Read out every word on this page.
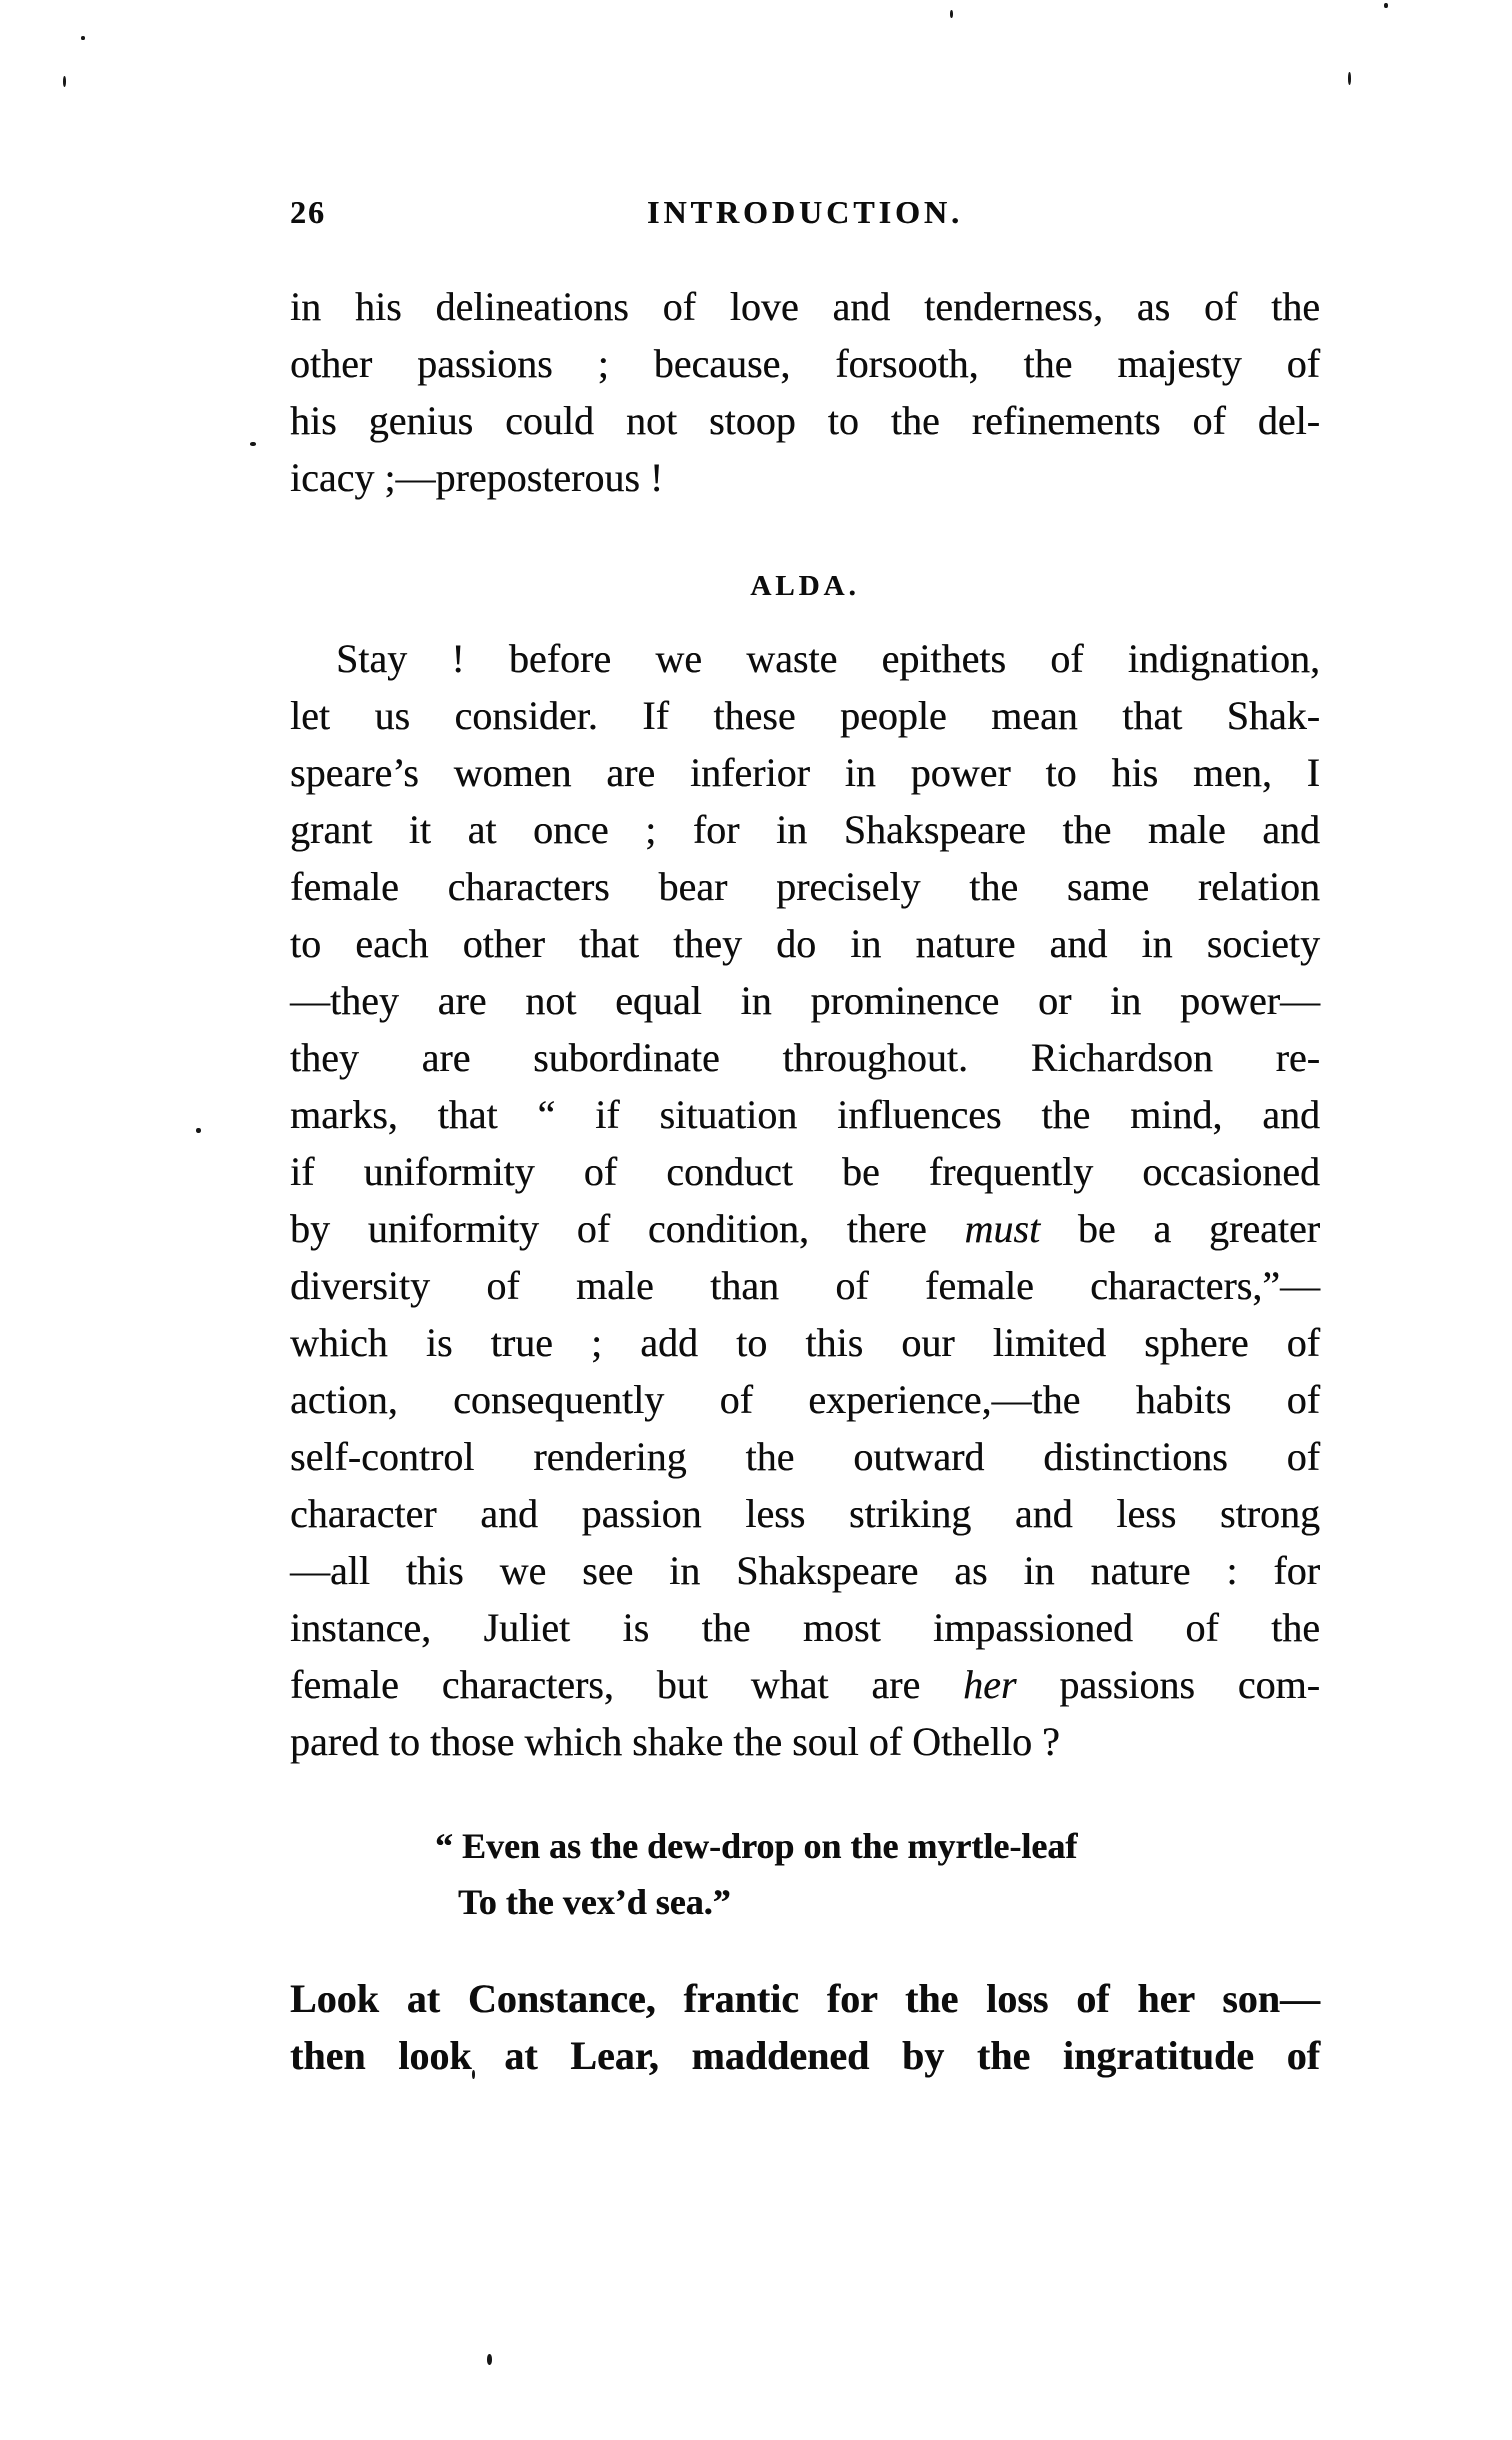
26	INTRODUCTION.
in his delineations of love and tenderness, as of the
other passions ; because, forsooth, the majesty of
his genius could not stoop to the refinements of del-
icacy ;—preposterous !
ALDA.
Stay ! before we waste epithets of indignation,
let us consider. If these people mean that Shak-
speare’s women are inferior in power to his men, I
grant it at once ; for in Shakspeare the male and
female characters bear precisely the same relation
to each other that they do in nature and in society
—they are not equal in prominence or in power—
they are subordinate throughout. Richardson re-
marks, that “ if situation influences the mind, and
if uniformity of conduct be frequently occasioned
by uniformity of condition, there must be a greater
diversity of male than of female characters,”—
which is true ; add to this our limited sphere of
action, consequently of experience,—the habits of
self-control rendering the outward distinctions of
character and passion less striking and less strong
—all this we see in Shakspeare as in nature : for
instance, Juliet is the most impassioned of the
female characters, but what are her passions com-
pared to those which shake the soul of Othello ?
“ Even as the dew-drop on the myrtle-leaf
To the vex’d sea.”
Look at Constance, frantic for the loss of her son—
then look at Lear, maddened by the ingratitude of
